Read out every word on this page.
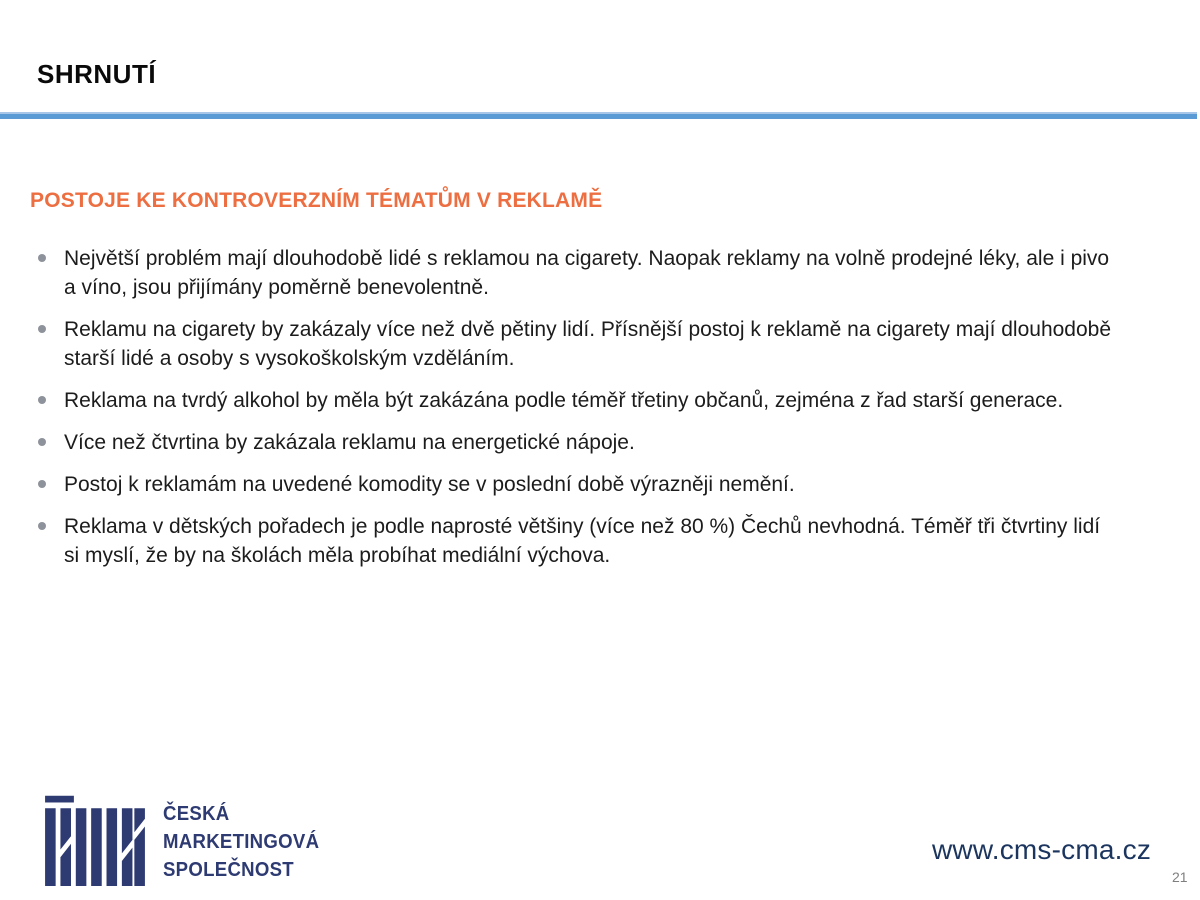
SHRNUTÍ
POSTOJE KE KONTROVERZNÍM TÉMATŮM V REKLAMĚ
Největší problém mají dlouhodobě lidé s reklamou na cigarety. Naopak reklamy na volně prodejné léky, ale i pivo a víno, jsou přijímány poměrně benevolentně.
Reklamu na cigarety by zakázaly více než dvě pětiny lidí. Přísnější postoj k reklamě na cigarety mají dlouhodobě starší lidé a osoby s vysokoškolským vzděláním.
Reklama na tvrdý alkohol by měla být zakázána podle téměř třetiny občanů, zejména z řad starší generace.
Více než čtvrtina by zakázala reklamu na energetické nápoje.
Postoj k reklamám na uvedené komodity se v poslední době výrazněji nemění.
Reklama v dětských pořadech je podle naprosté většiny (více než 80 %) Čechů nevhodná. Téměř tři čtvrtiny lidí si myslí, že by na školách měla probíhat mediální výchova.
ČESKÁ
MARKETINGOVÁ
SPOLEČNOST
www.cms-cma.cz
21
